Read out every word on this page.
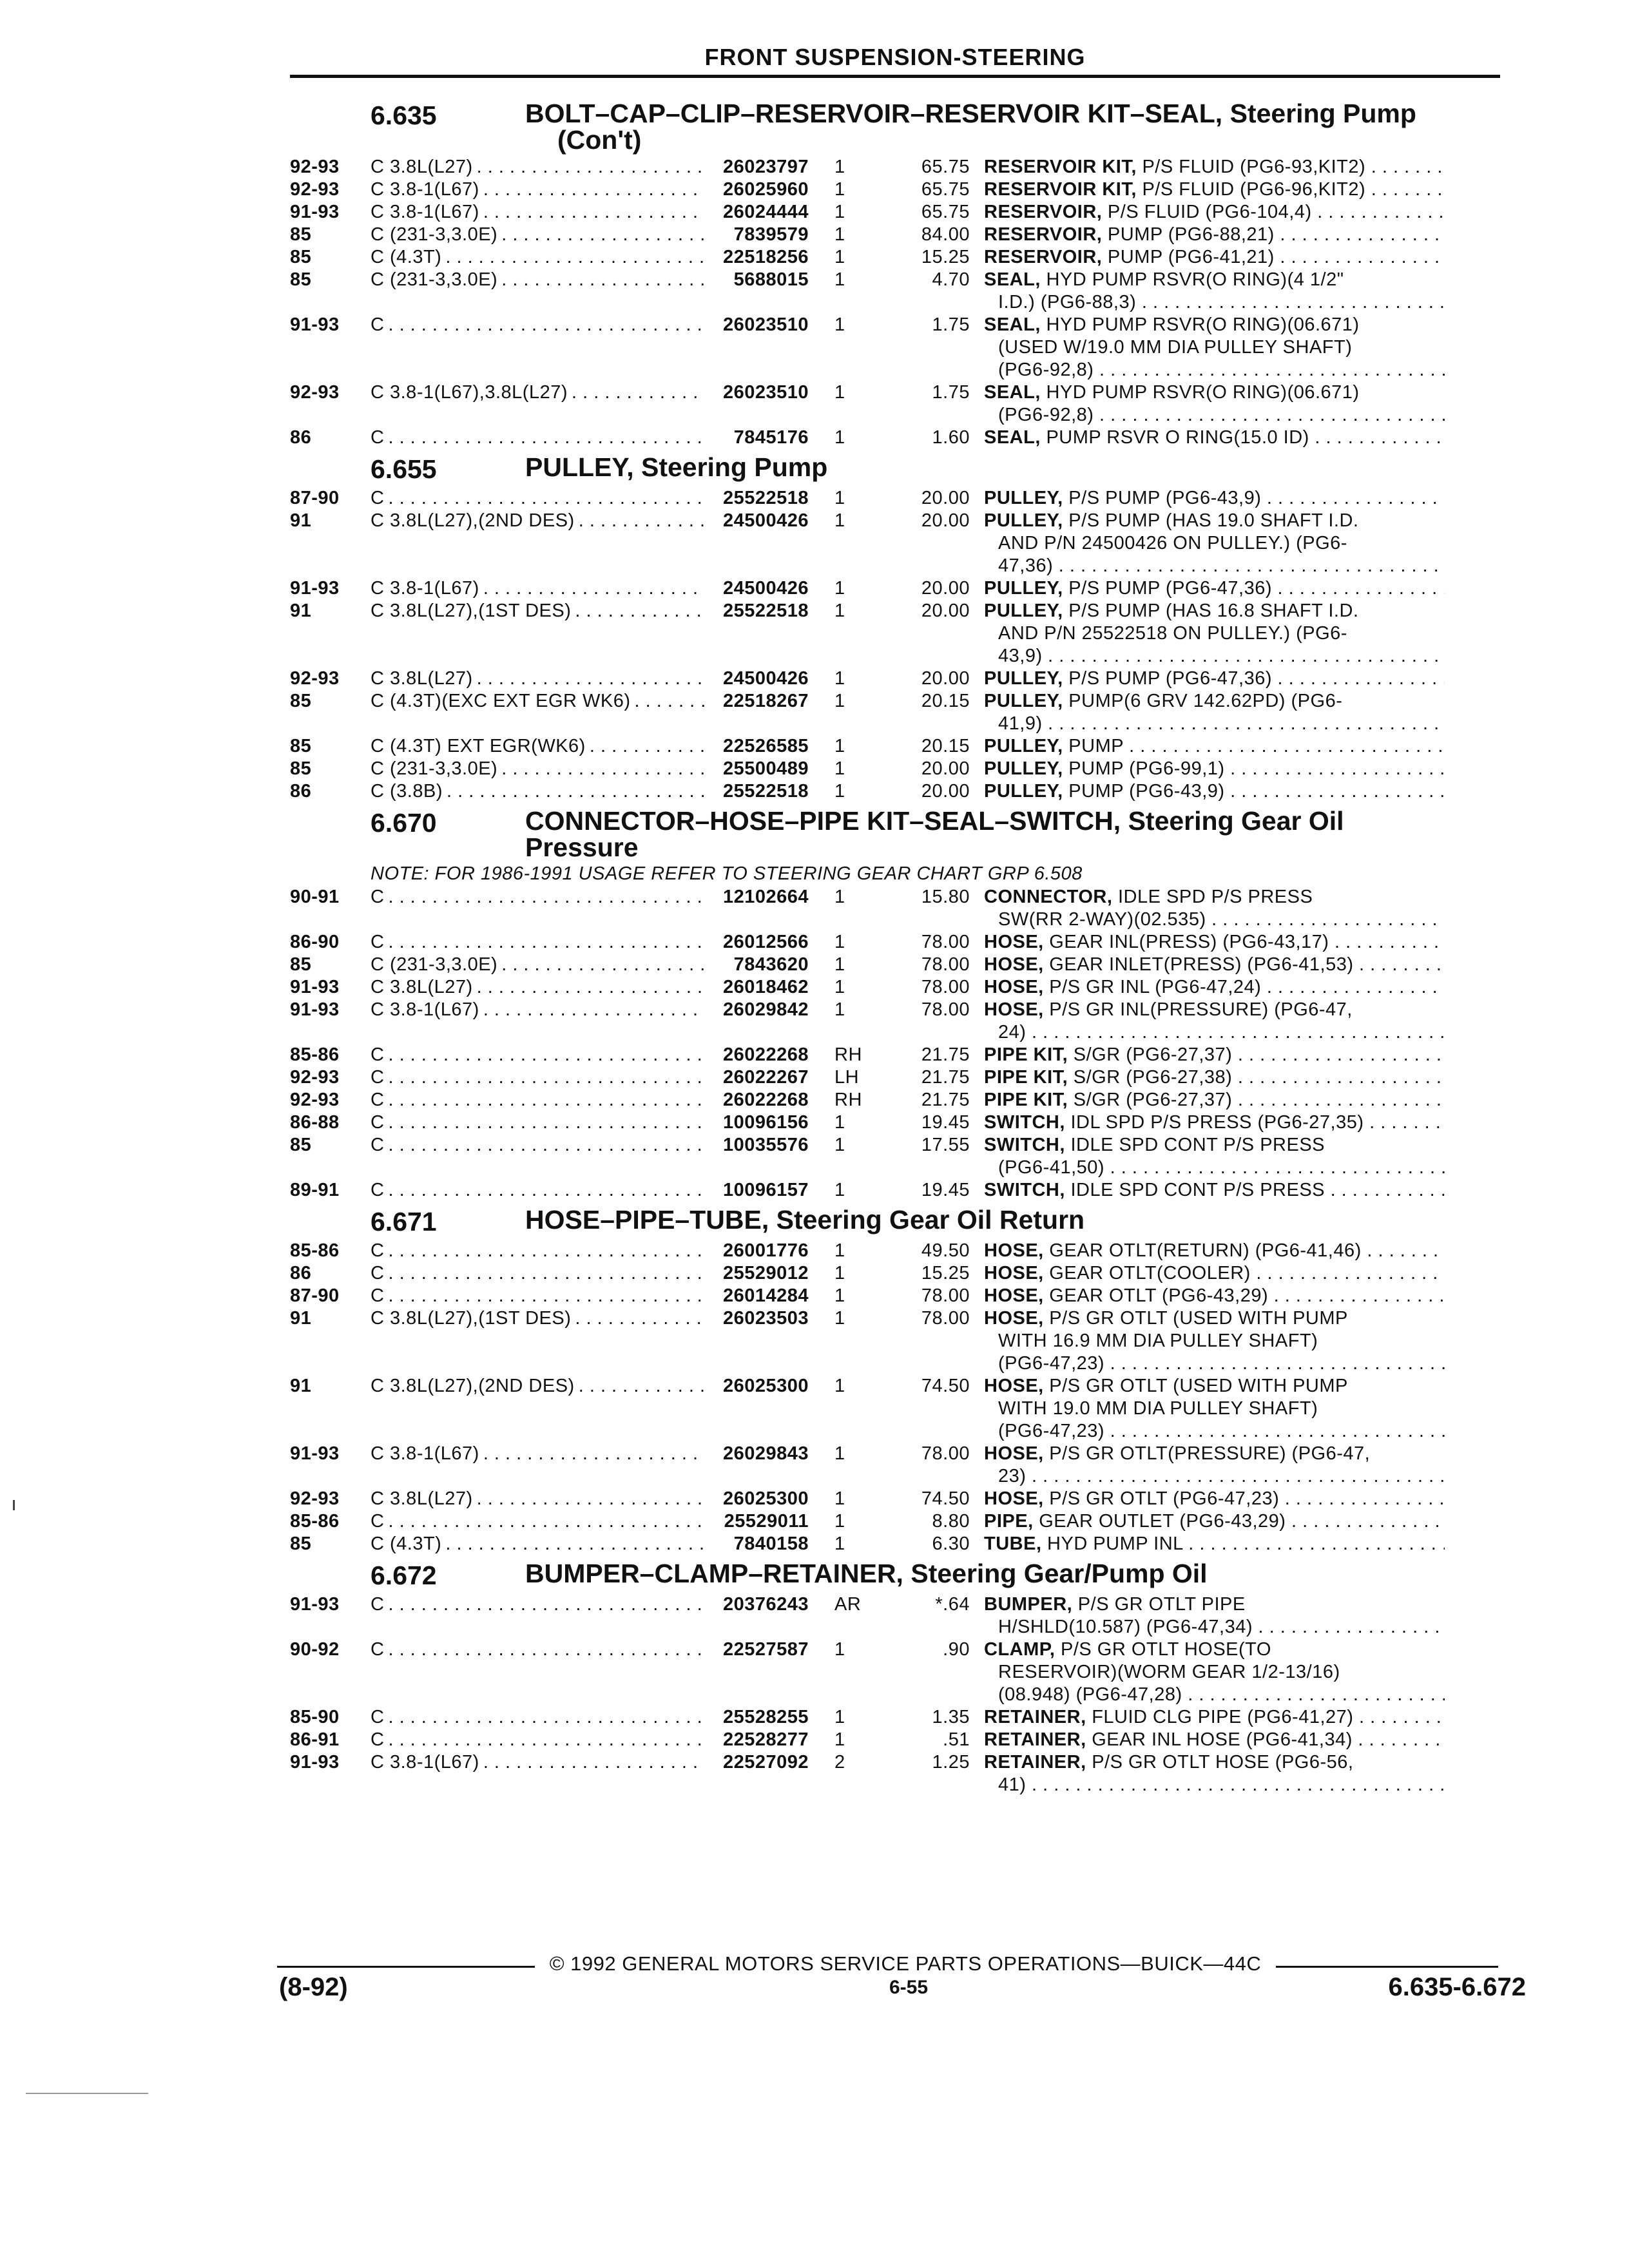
FRONT SUSPENSION-STEERING
6.635	BOLT–CAP–CLIP–RESERVOIR–RESERVOIR KIT–SEAL, Steering Pump
(Con't)
92-93	C 3.8L(L27) . . .	26023797	1	65.75 RESERVOIR KIT, P/S FLUID (PG6-93,KIT2) . . .
92-93	C 3.8-1(L67) . . .	26025960	1	65.75 RESERVOIR KIT, P/S FLUID (PG6-96,KIT2) . . .
91-93	C 3.8-1(L67) . . .	26024444	1	65.75 RESERVOIR, P/S FLUID (PG6-104,4) . . .
85	C (231-3,3.0E) . . .	7839579	1	84.00 RESERVOIR, PUMP (PG6-88,21) . . .
85	C (4.3T) . . .	22518256	1	15.25 RESERVOIR, PUMP (PG6-41,21) . . .
85	C (231-3,3.0E) . . .	5688015	1	4.70 SEAL, HYD PUMP RSVR(O RING)(4 1/2"
I.D.) (PG6-88,3) . . .
91-93	C . . .	26023510	1	1.75 SEAL, HYD PUMP RSVR(O RING)(06.671)
(USED W/19.0 MM DIA PULLEY SHAFT)
(PG6-92,8) . . .
92-93	C 3.8-1(L67),3.8L(L27) . . .	26023510	1	1.75 SEAL, HYD PUMP RSVR(O RING)(06.671)
(PG6-92,8) . . .
86	C . . .	7845176	1	1.60 SEAL, PUMP RSVR O RING(15.0 ID) . . .
6.655	PULLEY, Steering Pump
87-90	C . . .	25522518	1	20.00 PULLEY, P/S PUMP (PG6-43,9) . . .
91	C 3.8L(L27),(2ND DES) . . .	24500426	1	20.00 PULLEY, P/S PUMP (HAS 19.0 SHAFT I.D.
AND P/N 24500426 ON PULLEY.) (PG6-
47,36) . . .
91-93	C 3.8-1(L67) . . .	24500426	1	20.00 PULLEY, P/S PUMP (PG6-47,36) . . .
91	C 3.8L(L27),(1ST DES) . . .	25522518	1	20.00 PULLEY, P/S PUMP (HAS 16.8 SHAFT I.D.
AND P/N 25522518 ON PULLEY.) (PG6-
43,9) . . .
92-93	C 3.8L(L27) . . .	24500426	1	20.00 PULLEY, P/S PUMP (PG6-47,36) . . .
85	C (4.3T)(EXC EXT EGR WK6) . . .	22518267	1	20.15 PULLEY, PUMP(6 GRV 142.62PD) (PG6-
41,9) . . .
85	C (4.3T) EXT EGR(WK6) . . .	22526585	1	20.15 PULLEY, PUMP . . .
85	C (231-3,3.0E) . . .	25500489	1	20.00 PULLEY, PUMP (PG6-99,1) . . .
86	C (3.8B) . . .	25522518	1	20.00 PULLEY, PUMP (PG6-43,9) . . .
6.670	CONNECTOR–HOSE–PIPE KIT–SEAL–SWITCH, Steering Gear Oil
Pressure
NOTE: FOR 1986-1991 USAGE REFER TO STEERING GEAR CHART GRP 6.508
90-91	C . . .	12102664	1	15.80 CONNECTOR, IDLE SPD P/S PRESS
SW(RR 2-WAY)(02.535) . . .
86-90	C . . .	26012566	1	78.00 HOSE, GEAR INL(PRESS) (PG6-43,17) . . .
85	C (231-3,3.0E) . . .	7843620	1	78.00 HOSE, GEAR INLET(PRESS) (PG6-41,53) . . .
91-93	C 3.8L(L27) . . .	26018462	1	78.00 HOSE, P/S GR INL (PG6-47,24) . . .
91-93	C 3.8-1(L67) . . .	26029842	1	78.00 HOSE, P/S GR INL(PRESSURE) (PG6-47,
24) . . .
85-86	C . . .	26022268	RH	21.75 PIPE KIT, S/GR (PG6-27,37) . . .
92-93	C . . .	26022267	LH	21.75 PIPE KIT, S/GR (PG6-27,38) . . .
92-93	C . . .	26022268	RH	21.75 PIPE KIT, S/GR (PG6-27,37) . . .
86-88	C . . .	10096156	1	19.45 SWITCH, IDL SPD P/S PRESS (PG6-27,35) . . .
85	C . . .	10035576	1	17.55 SWITCH, IDLE SPD CONT P/S PRESS
(PG6-41,50) . . .
89-91	C . . .	10096157	1	19.45 SWITCH, IDLE SPD CONT P/S PRESS . . .
6.671	HOSE–PIPE–TUBE, Steering Gear Oil Return
85-86	C . . .	26001776	1	49.50 HOSE, GEAR OTLT(RETURN) (PG6-41,46) . . .
86	C . . .	25529012	1	15.25 HOSE, GEAR OTLT(COOLER) . . .
87-90	C . . .	26014284	1	78.00 HOSE, GEAR OTLT (PG6-43,29) . . .
91	C 3.8L(L27),(1ST DES) . . .	26023503	1	78.00 HOSE, P/S GR OTLT (USED WITH PUMP
WITH 16.9 MM DIA PULLEY SHAFT)
(PG6-47,23) . . .
91	C 3.8L(L27),(2ND DES) . . .	26025300	1	74.50 HOSE, P/S GR OTLT (USED WITH PUMP
WITH 19.0 MM DIA PULLEY SHAFT)
(PG6-47,23) . . .
91-93	C 3.8-1(L67) . . .	26029843	1	78.00 HOSE, P/S GR OTLT(PRESSURE) (PG6-47,
23) . . .
92-93	C 3.8L(L27) . . .	26025300	1	74.50 HOSE, P/S GR OTLT (PG6-47,23) . . .
85-86	C . . .	25529011	1	8.80 PIPE, GEAR OUTLET (PG6-43,29) . . .
85	C (4.3T) . . .	7840158	1	6.30 TUBE, HYD PUMP INL . . .
6.672	BUMPER–CLAMP–RETAINER, Steering Gear/Pump Oil
91-93	C . . .	20376243	AR	*.64 BUMPER, P/S GR OTLT PIPE
H/SHLD(10.587) (PG6-47,34) . . .
90-92	C . . .	22527587	1	.90 CLAMP, P/S GR OTLT HOSE(TO
RESERVOIR)(WORM GEAR 1/2-13/16)
(08.948) (PG6-47,28) . . .
85-90	C . . .	25528255	1	1.35 RETAINER, FLUID CLG PIPE (PG6-41,27) . . .
86-91	C . . .	22528277	1	.51 RETAINER, GEAR INL HOSE (PG6-41,34) . . .
91-93	C 3.8-1(L67) . . .	22527092	2	1.25 RETAINER, P/S GR OTLT HOSE (PG6-56,
41) . . .
© 1992 GENERAL MOTORS SERVICE PARTS OPERATIONS—BUICK—44C
(8-92)	6-55	6.635-6.672
